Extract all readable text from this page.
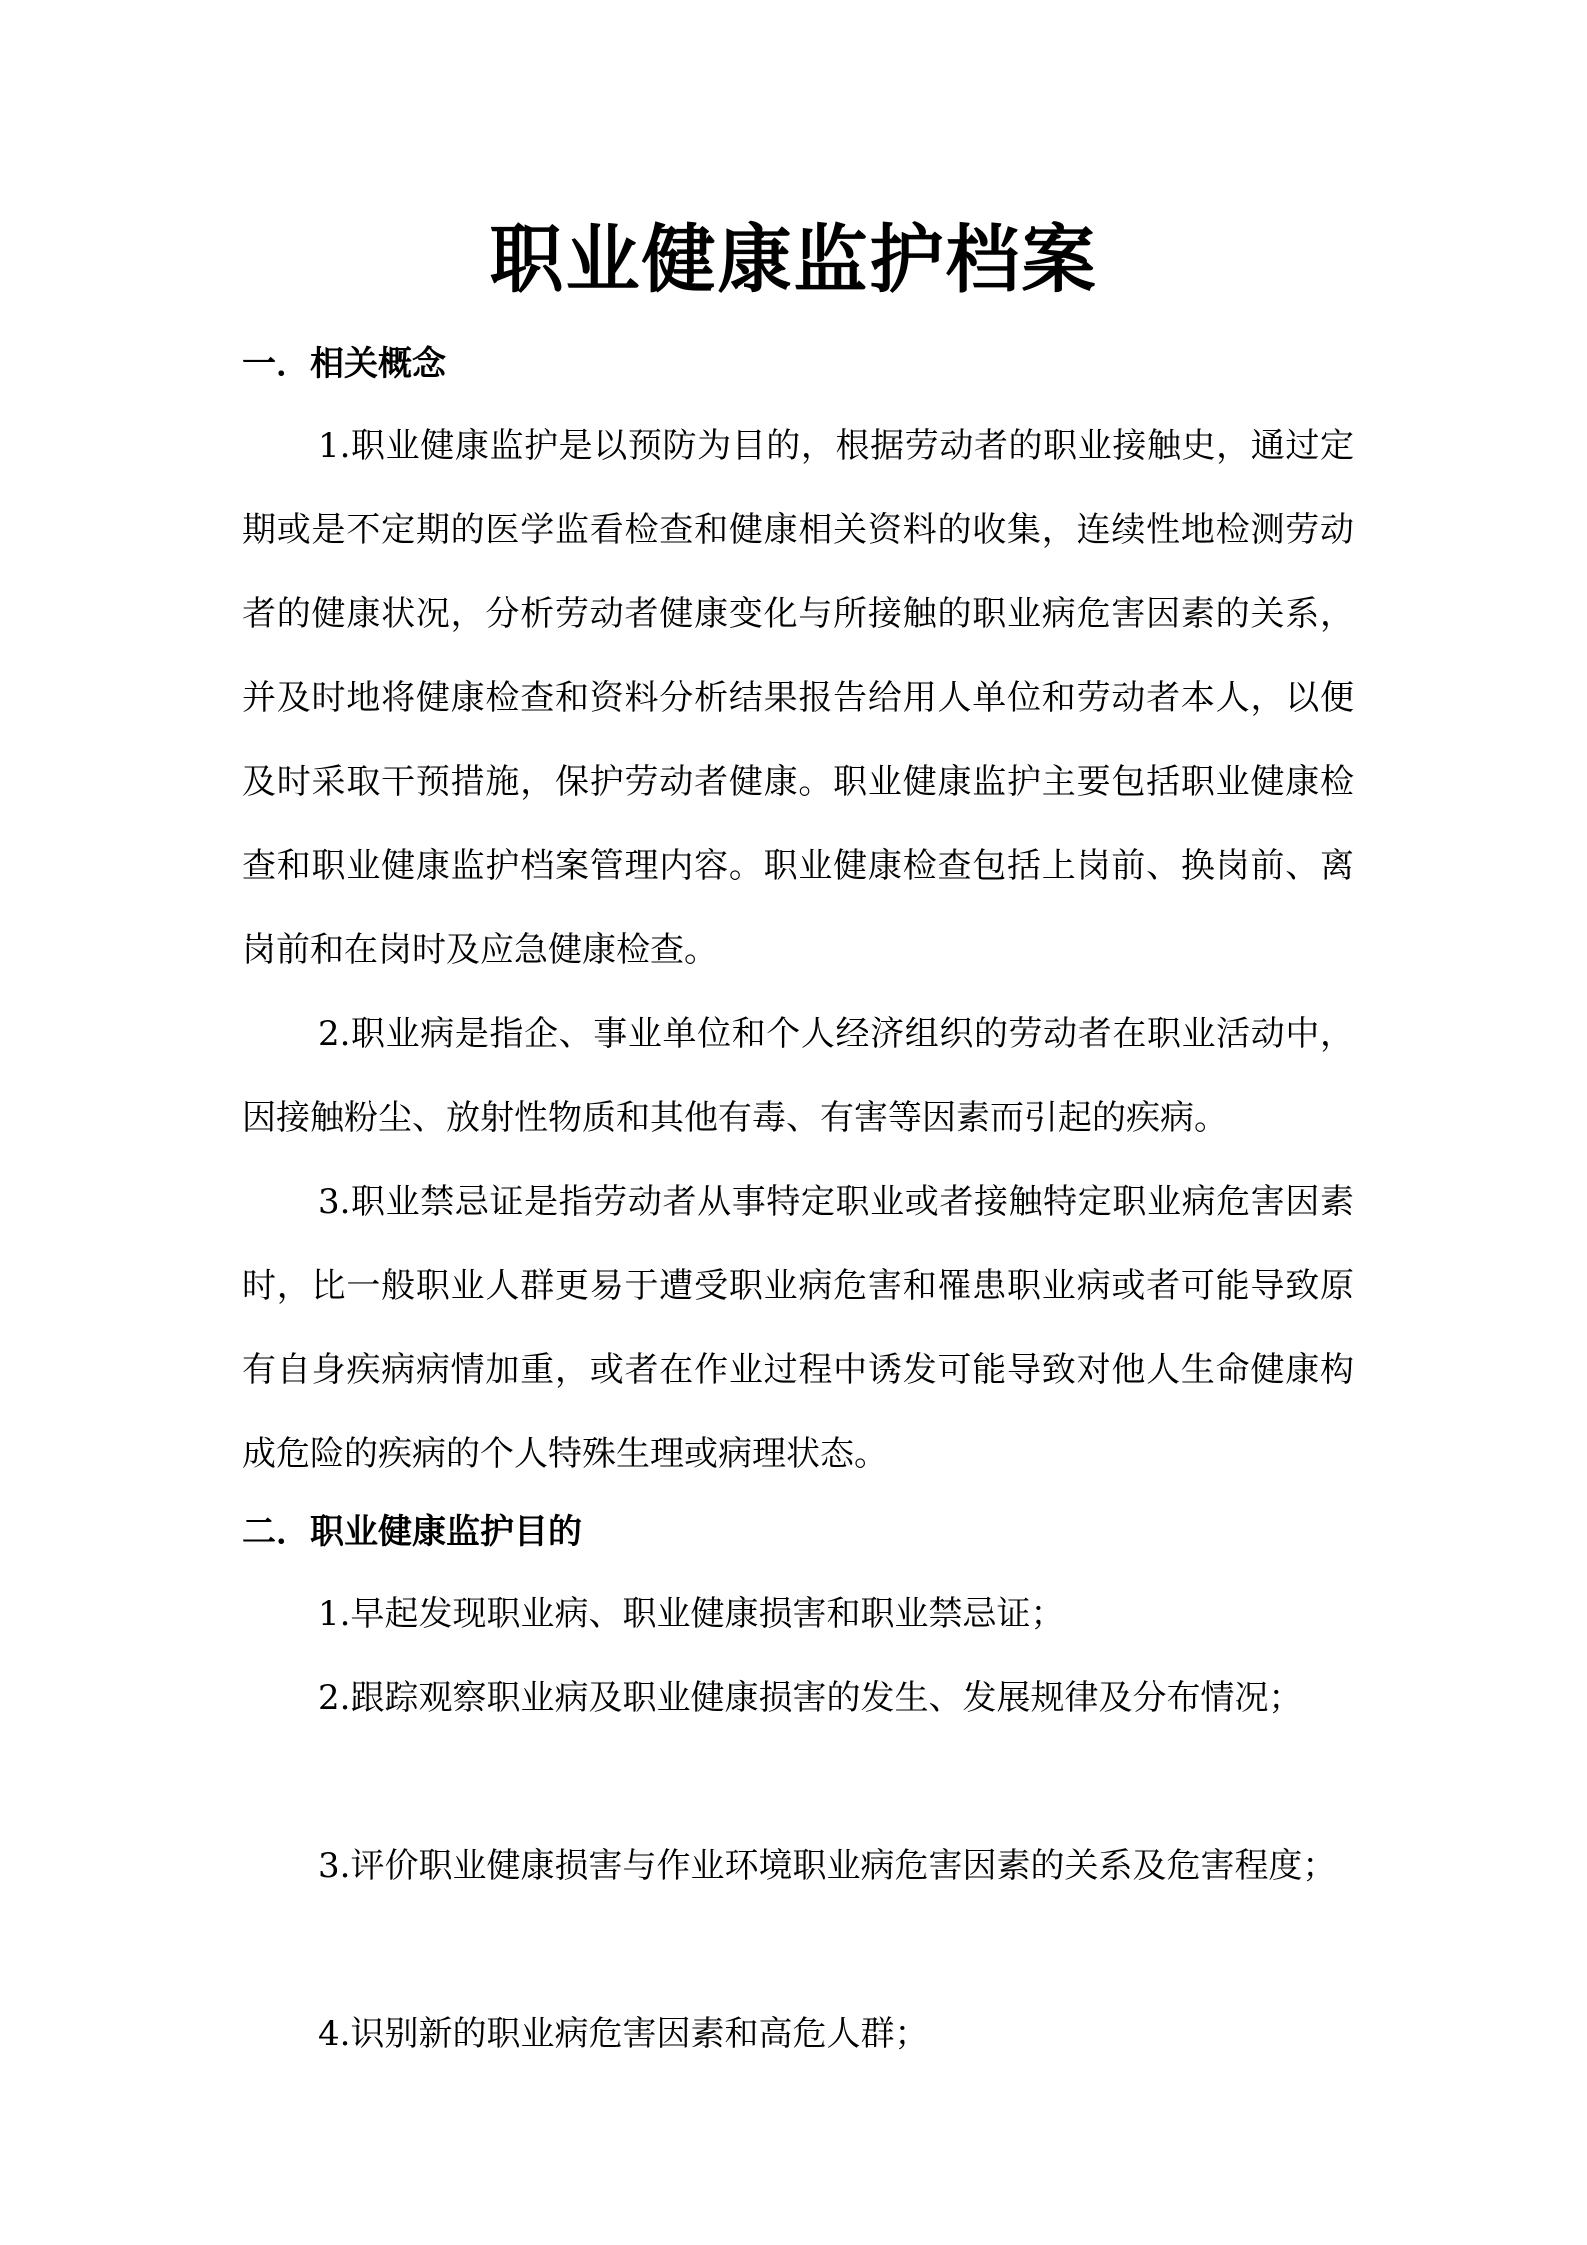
职业健康监护档案
一．相关概念
1.职业健康监护是以预防为目的，根据劳动者的职业接触史，通过定期或是不定期的医学监看检查和健康相关资料的收集，连续性地检测劳动者的健康状况，分析劳动者健康变化与所接触的职业病危害因素的关系，并及时地将健康检查和资料分析结果报告给用人单位和劳动者本人，以便及时采取干预措施，保护劳动者健康。职业健康监护主要包括职业健康检查和职业健康监护档案管理内容。职业健康检查包括上岗前、换岗前、离岗前和在岗时及应急健康检查。
2.职业病是指企、事业单位和个人经济组织的劳动者在职业活动中，因接触粉尘、放射性物质和其他有毒、有害等因素而引起的疾病。
3.职业禁忌证是指劳动者从事特定职业或者接触特定职业病危害因素时，比一般职业人群更易于遭受职业病危害和罹患职业病或者可能导致原有自身疾病病情加重，或者在作业过程中诱发可能导致对他人生命健康构成危险的疾病的个人特殊生理或病理状态。
二．职业健康监护目的
1.早起发现职业病、职业健康损害和职业禁忌证；
2.跟踪观察职业病及职业健康损害的发生、发展规律及分布情况；
3.评价职业健康损害与作业环境职业病危害因素的关系及危害程度；
4.识别新的职业病危害因素和高危人群；
